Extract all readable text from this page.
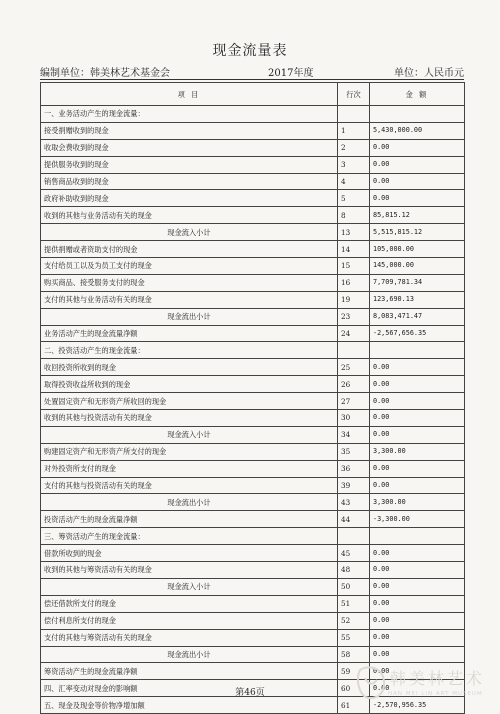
现金流量表
编制单位：韩美林艺术基金会	2017年度	单位：人民币元
项 目	行次	金 额
一、业务活动产生的现金流量：		
接受捐赠收到的现金	1	5,430,000.00
收取会费收到的现金	2	0.00
提供服务收到的现金	3	0.00
销售商品收到的现金	4	0.00
政府补助收到的现金	5	0.00
收到的其他与业务活动有关的现金	8	85,815.12
现金流入小计	13	5,515,815.12
提供捐赠或者资助支付的现金	14	105,000.00
支付给员工以及为员工支付的现金	15	145,000.00
购买商品、接受服务支付的现金	16	7,709,781.34
支付的其他与业务活动有关的现金	19	123,690.13
现金流出小计	23	8,083,471.47
业务活动产生的现金流量净额	24	-2,567,656.35
二、投资活动产生的现金流量：		
收回投资所收到的现金	25	0.00
取得投资收益所收到的现金	26	0.00
处置固定资产和无形资产所收回的现金	27	0.00
收到的其他与投资活动有关的现金	30	0.00
现金流入小计	34	0.00
购建固定资产和无形资产所支付的现金	35	3,300.00
对外投资所支付的现金	36	0.00
支付的其他与投资活动有关的现金	39	0.00
现金流出小计	43	3,300.00
投资活动产生的现金流量净额	44	-3,300.00
三、筹资活动产生的现金流量：		
借款所收到的现金	45	0.00
收到的其他与筹资活动有关的现金	48	0.00
现金流入小计	50	0.00
偿还借款所支付的现金	51	0.00
偿付利息所支付的现金	52	0.00
支付的其他与筹资活动有关的现金	55	0.00
现金流出小计	58	0.00
筹资活动产生的现金流量净额	59	0.00
四、汇率变动对现金的影响额	60	0.00
五、现金及现金等价物净增加额	61	-2,570,956.35
第46页
韩美林艺术
HAN MEI LIN ART MUSEUM
